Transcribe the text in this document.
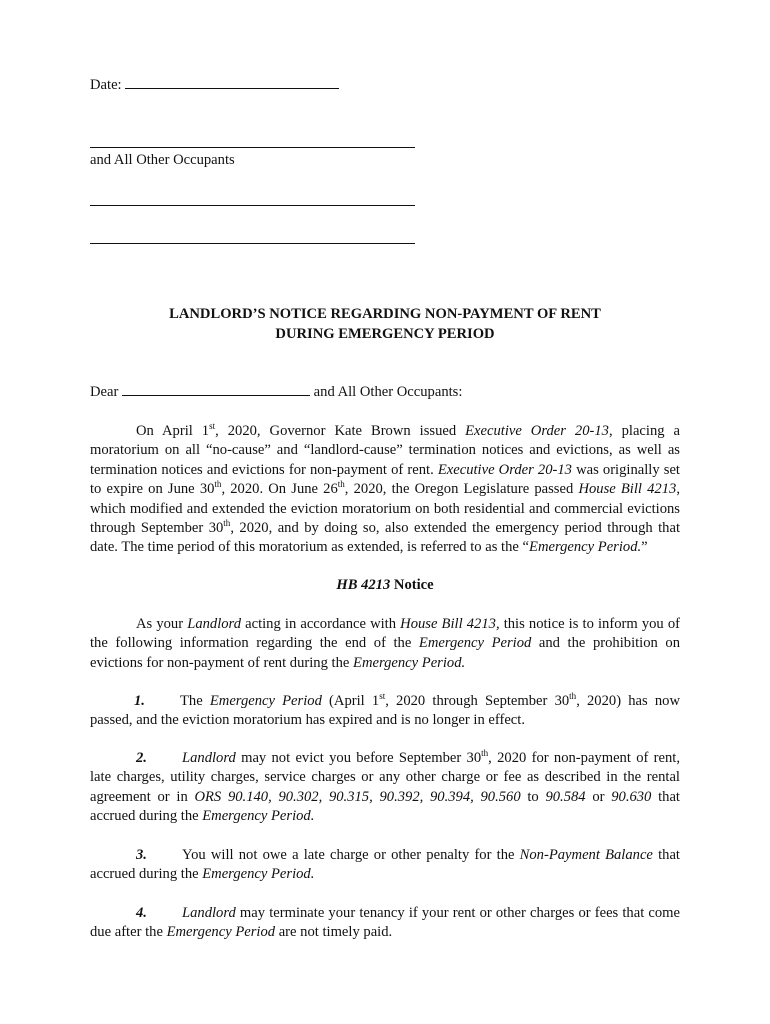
Date:
and All Other Occupants
LANDLORD’S NOTICE REGARDING NON-PAYMENT OF RENT
DURING EMERGENCY PERIOD
Dear	and All Other Occupants:
On April 1st, 2020, Governor Kate Brown issued Executive Order 20-13, placing a moratorium on all “no-cause” and “landlord-cause” termination notices and evictions, as well as termination notices and evictions for non-payment of rent. Executive Order 20-13 was originally set to expire on June 30th, 2020. On June 26th, 2020, the Oregon Legislature passed House Bill 4213, which modified and extended the eviction moratorium on both residential and commercial evictions through September 30th, 2020, and by doing so, also extended the emergency period through that date. The time period of this moratorium as extended, is referred to as the “Emergency Period.”
HB 4213 Notice
As your Landlord acting in accordance with House Bill 4213, this notice is to inform you of the following information regarding the end of the Emergency Period and the prohibition on evictions for non-payment of rent during the Emergency Period.
1. The Emergency Period (April 1st, 2020 through September 30th, 2020) has now passed, and the eviction moratorium has expired and is no longer in effect.
2. Landlord may not evict you before September 30th, 2020 for non-payment of rent, late charges, utility charges, service charges or any other charge or fee as described in the rental agreement or in ORS 90.140, 90.302, 90.315, 90.392, 90.394, 90.560 to 90.584 or 90.630 that accrued during the Emergency Period.
3. You will not owe a late charge or other penalty for the Non-Payment Balance that accrued during the Emergency Period.
4. Landlord may terminate your tenancy if your rent or other charges or fees that come due after the Emergency Period are not timely paid.
